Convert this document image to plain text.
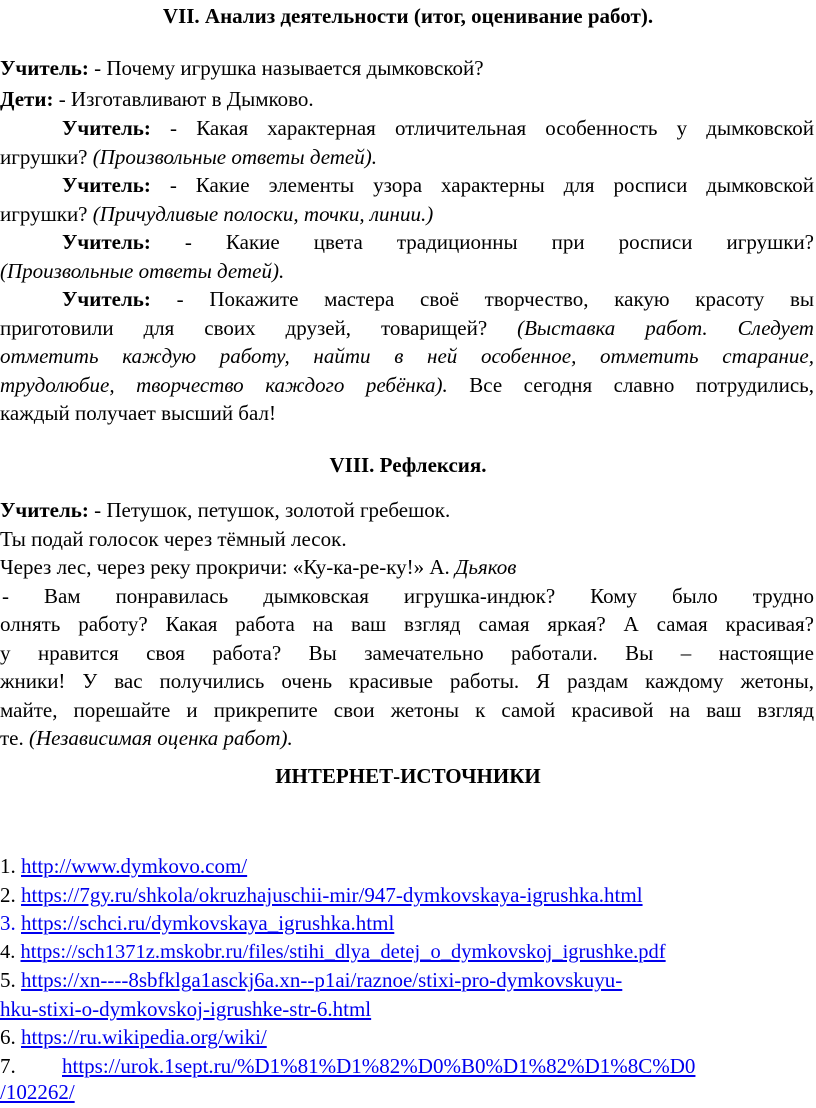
VII. Анализ деятельности (итог, оценивание работ).
Учитель: - Почему игрушка называется дымковской?
Дети: - Изготавливают в Дымково.
Учитель: - Какая характерная отличительная особенность у дымковской
игрушки? (Произвольные ответы детей).
Учитель: - Какие элементы узора характерны для росписи дымковской
игрушки? (Причудливые полоски, точки, линии.)
Учитель: - Какие цвета традиционны при росписи игрушки?
(Произвольные ответы детей).
Учитель: - Покажите мастера своё творчество, какую красоту вы
приготовили для своих друзей, товарищей? (Выставка работ. Следует
отметить каждую работу, найти в ней особенное, отметить старание,
трудолюбие, творчество каждого ребёнка). Все сегодня славно потрудились,
каждый получает высший бал!
VIII. Рефлексия.
Учитель: - Петушок, петушок, золотой гребешок.
Ты подай голосок через тёмный лесок.
Через лес, через реку прокричи: «Ку-ка-ре-ку!» А. Дьяков
- Вам понравилась дымковская игрушка-индюк? Кому было трудно
олнять работу? Какая работа на ваш взгляд самая яркая? А самая красивая?
у нравится своя работа? Вы замечательно работали. Вы – настоящие
жники! У вас получились очень красивые работы. Я раздам каждому жетоны,
майте, порешайте и прикрепите свои жетоны к самой красивой на ваш взгляд
те. (Независимая оценка работ).
ИНТЕРНЕТ-ИСТОЧНИКИ
1. http://www.dymkovo.com/
2. https://7gy.ru/shkola/okruzhajuschii-mir/947-dymkovskaya-igrushka.html
3. https://schci.ru/dymkovskaya_igrushka.html
4. https://sch1371z.mskobr.ru/files/stihi_dlya_detej_o_dymkovskoj_igrushke.pdf
5. https://xn----8sbfklga1asckj6a.xn--p1ai/raznoe/stixi-pro-dymkovskuyu-
hku-stixi-o-dymkovskoj-igrushke-str-6.html
6. https://ru.wikipedia.org/wiki/
7. https://urok.1sept.ru/%D1%81%D1%82%D0%B0%D1%82%D1%8C%D0
/102262/
